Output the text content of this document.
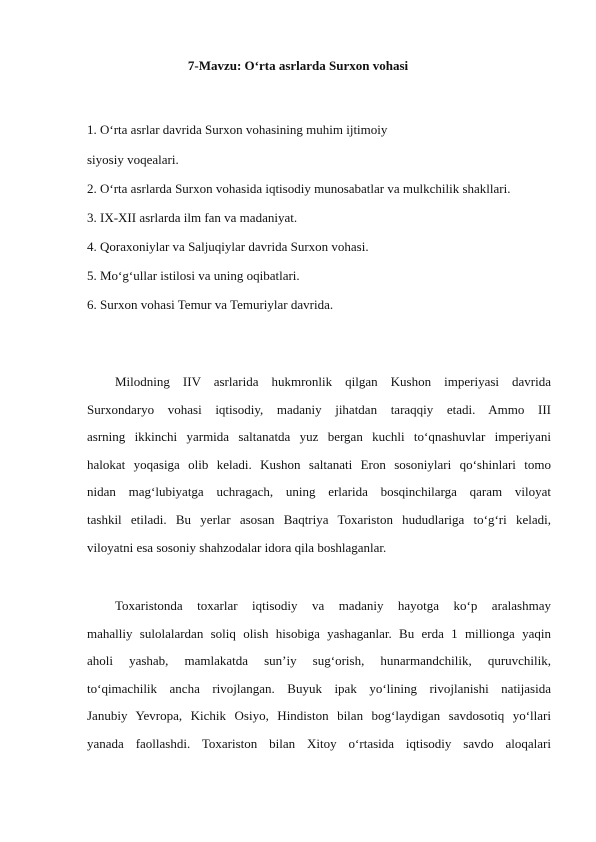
7-Mavzu: O‘rta asrlarda Surxon vohasi
1. O‘rta asrlar davrida Surxon vohasining muhim ijtimoiy
siyosiy voqealari.
2. O‘rta asrlarda Surxon vohasida iqtisodiy munosabatlar va mulkchilik shakllari.
3. IX-XII asrlarda ilm fan va madaniyat.
4. Qoraxoniylar va Saljuqiylar davrida Surxon vohasi.
5. Mo‘g‘ullar istilosi va uning oqibatlari.
6. Surxon vohasi Temur va Temuriylar davrida.
Milodning IIV asrlarida hukmronlik qilgan Kushon imperiyasi davrida
Surxondaryo vohasi iqtisodiy, madaniy jihatdan taraqqiy etadi. Ammo III
asrning ikkinchi yarmida saltanatda yuz bergan kuchli to‘qnashuvlar imperiyani
halokat yoqasiga olib keladi. Kushon saltanati Eron sosoniylari qo‘shinlari tomo
nidan mag‘lubiyatga uchragach, uning erlarida bosqinchilarga qaram viloyat
tashkil etiladi. Bu yerlar asosan Baqtriya Toxariston hududlariga to‘g‘ri keladi,
viloyatni esa sosoniy shahzodalar idora qila boshlaganlar.
Toxaristonda toxarlar iqtisodiy va madaniy hayotga ko‘p aralashmay
mahalliy sulolalardan soliq olish hisobiga yashaganlar. Bu erda 1 millionga yaqin
aholi yashab, mamlakatda sun’iy sug‘orish, hunarmandchilik, quruvchilik,
to‘qimachilik ancha rivojlangan. Buyuk ipak yo‘lining rivojlanishi natijasida
Janubiy Yevropa, Kichik Osiyo, Hindiston bilan bog‘laydigan savdosotiq yo‘llari
yanada faollashdi. Toxariston bilan Xitoy o‘rtasida iqtisodiy savdo aloqalari
